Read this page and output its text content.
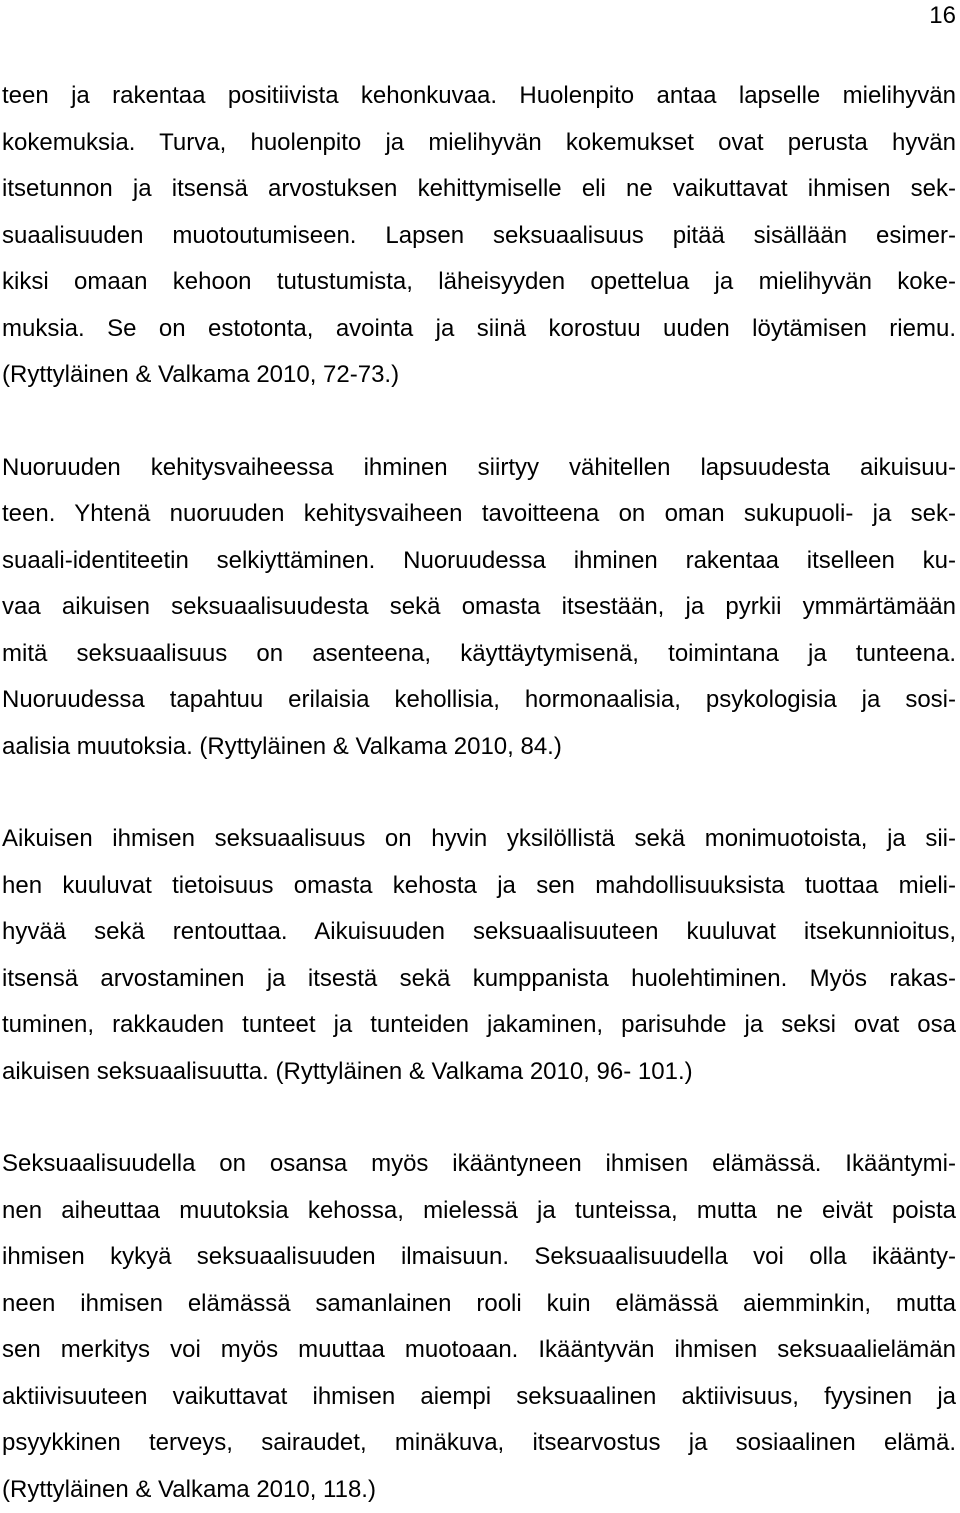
16
teen ja rakentaa positiivista kehonkuvaa. Huolenpito antaa lapselle mielihyvän
kokemuksia. Turva, huolenpito ja mielihyvän kokemukset ovat perusta hyvän
itsetunnon ja itsensä arvostuksen kehittymiselle eli ne vaikuttavat ihmisen sek-
suaalisuuden muotoutumiseen. Lapsen seksuaalisuus pitää sisällään esimer-
kiksi omaan kehoon tutustumista, läheisyyden opettelua ja mielihyvän koke-
muksia. Se on estotonta, avointa ja siinä korostuu uuden löytämisen riemu.
(Ryttyläinen & Valkama 2010, 72-73.)
Nuoruuden kehitysvaiheessa ihminen siirtyy vähitellen lapsuudesta aikuisuu-
teen. Yhtenä nuoruuden kehitysvaiheen tavoitteena on oman sukupuoli- ja sek-
suaali-identiteetin selkiyttäminen. Nuoruudessa ihminen rakentaa itselleen ku-
vaa aikuisen seksuaalisuudesta sekä omasta itsestään, ja pyrkii ymmärtämään
mitä seksuaalisuus on asenteena, käyttäytymisenä, toimintana ja tunteena.
Nuoruudessa tapahtuu erilaisia kehollisia, hormonaalisia, psykologisia ja sosi-
aalisia muutoksia. (Ryttyläinen & Valkama 2010, 84.)
Aikuisen ihmisen seksuaalisuus on hyvin yksilöllistä sekä monimuotoista, ja sii-
hen kuuluvat tietoisuus omasta kehosta ja sen mahdollisuuksista tuottaa mieli-
hyvää sekä rentouttaa. Aikuisuuden seksuaalisuuteen kuuluvat itsekunnioitus,
itsensä arvostaminen ja itsestä sekä kumppanista huolehtiminen. Myös rakas-
tuminen, rakkauden tunteet ja tunteiden jakaminen, parisuhde ja seksi ovat osa
aikuisen seksuaalisuutta. (Ryttyläinen & Valkama 2010, 96- 101.)
Seksuaalisuudella on osansa myös ikääntyneen ihmisen elämässä. Ikääntymi-
nen aiheuttaa muutoksia kehossa, mielessä ja tunteissa, mutta ne eivät poista
ihmisen kykyä seksuaalisuuden ilmaisuun. Seksuaalisuudella voi olla ikäänty-
neen ihmisen elämässä samanlainen rooli kuin elämässä aiemminkin, mutta
sen merkitys voi myös muuttaa muotoaan. Ikääntyvän ihmisen seksuaalielämän
aktiivisuuteen vaikuttavat ihmisen aiempi seksuaalinen aktiivisuus, fyysinen ja
psyykkinen terveys, sairaudet, minäkuva, itsearvostus ja sosiaalinen elämä.
(Ryttyläinen & Valkama 2010, 118.)
